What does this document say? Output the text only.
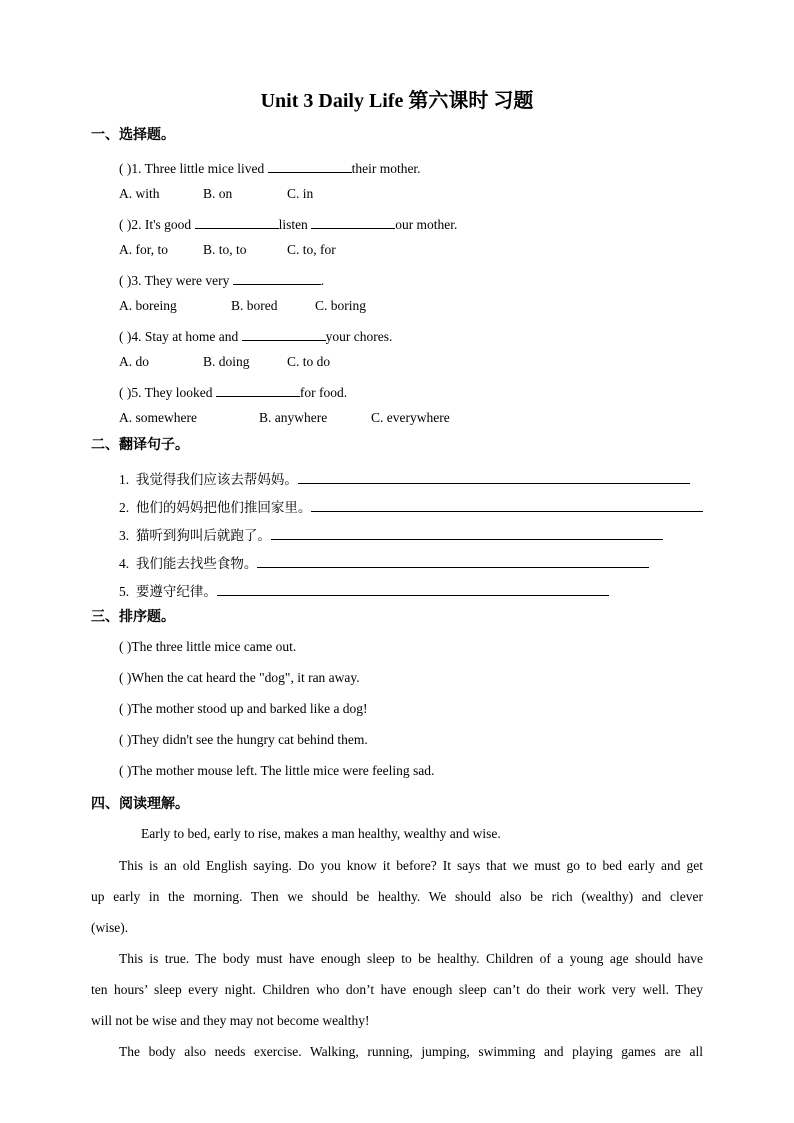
Unit 3 Daily Life 第六课时 习题
一、选择题。
( )1. Three little mice lived	their mother.
A. with	B. on	C. in
( )2. It's good	listen	our mother.
A. for, to	B. to, to	C. to, for
( )3. They were very	.
A. boreing	B. bored	C. boring
( )4. Stay at home and	your chores.
A. do	B. doing	C. to do
( )5. They looked	for food.
A. somewhere	B. anywhere	C. everywhere
二、翻译句子。
1. 我觉得我们应该去帮妈妈。
2. 他们的妈妈把他们推回家里。
3. 猫听到狗叫后就跑了。
4. 我们能去找些食物。
5. 要遵守纪律。
三、排序题。
( )The three little mice came out.
( )When the cat heard the "dog", it ran away.
( )The mother stood up and barked like a dog!
( )They didn't see the hungry cat behind them.
( )The mother mouse left. The little mice were feeling sad.
四、阅读理解。
Early to bed, early to rise, makes a man healthy, wealthy and wise.
This is an old English saying. Do you know it before? It says that we must go to bed early and get
up early in the morning. Then we should be healthy. We should also be rich (wealthy) and clever
(wise).
This is true. The body must have enough sleep to be healthy. Children of a young age should have
ten hours’ sleep every night. Children who don’t have enough sleep can’t do their work very well. They
will not be wise and they may not become wealthy!
The body also needs exercise. Walking, running, jumping, swimming and playing games are all
